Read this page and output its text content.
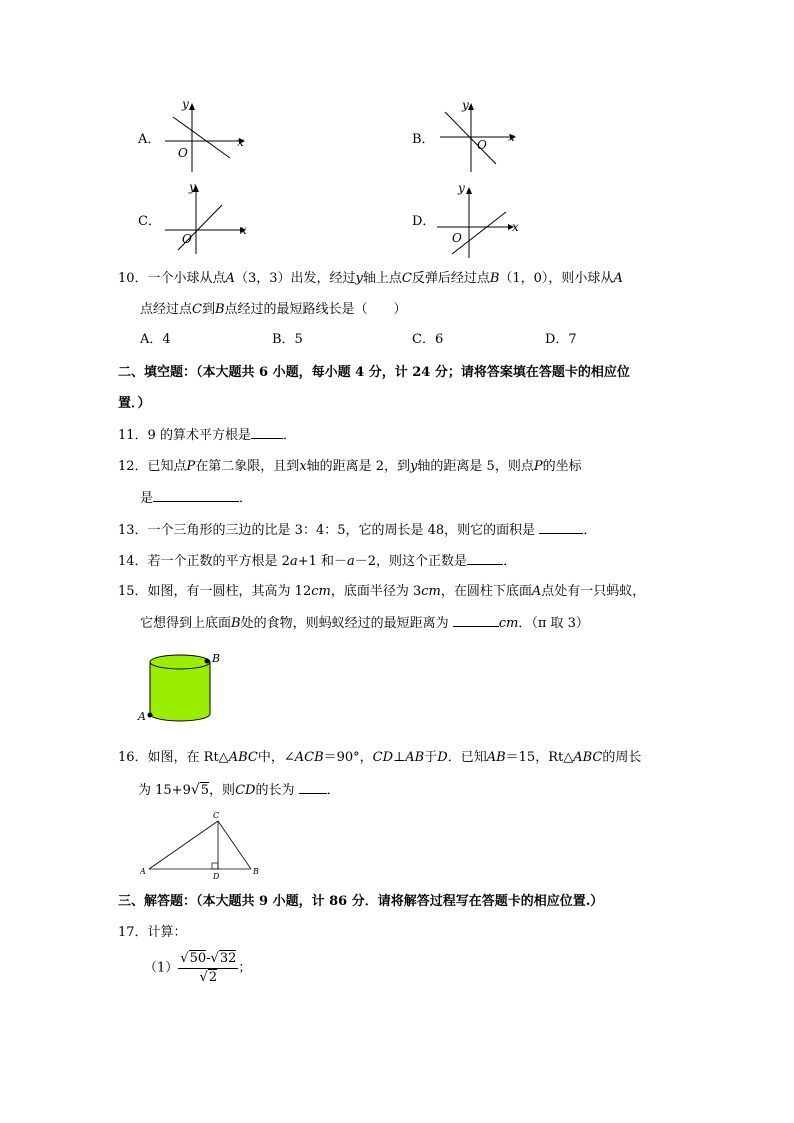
A．
y
x
O
B．
y
x
O
C．
y
x
O
D．
y
x
O
10．一个小球从点A（3，3）出发，经过y轴上点C反弹后经过点B（1，0），则小球从A
点经过点C到B点经过的最短路线长是（　　）
A．4	B．5	C．6	D．7
二、填空题：（本大题共 6 小题，每小题 4 分，计 24 分；请将答案填在答题卡的相应位
置．）
11．9 的算术平方根是 ．
12．已知点P在第二象限，且到x轴的距离是 2，到y轴的距离是 5，则点P的坐标
是	．
13．一个三角形的三边的比是 3：4：5，它的周长是 48，则它的面积是	．
14．若一个正数的平方根是 2a+1 和－a－2，则这个正数是	．
15．如图，有一圆柱，其高为 12cm，底面半径为 3cm，在圆柱下底面A点处有一只蚂蚁，
它想得到上底面B处的食物，则蚂蚁经过的最短距离为	cm．（π 取 3）
B
A
16．如图，在 Rt△ABC中，∠ACB＝90°，CD⊥AB于D．已知AB＝15，Rt△ABC的周长
为 15+9√5，则CD的长为 ．
A	B
C
D
三、解答题：（本大题共 9 小题，计 86 分．请将解答过程写在答题卡的相应位置.）
17．计算：
$(1) \frac{√50-√32}{√2}$ ；
